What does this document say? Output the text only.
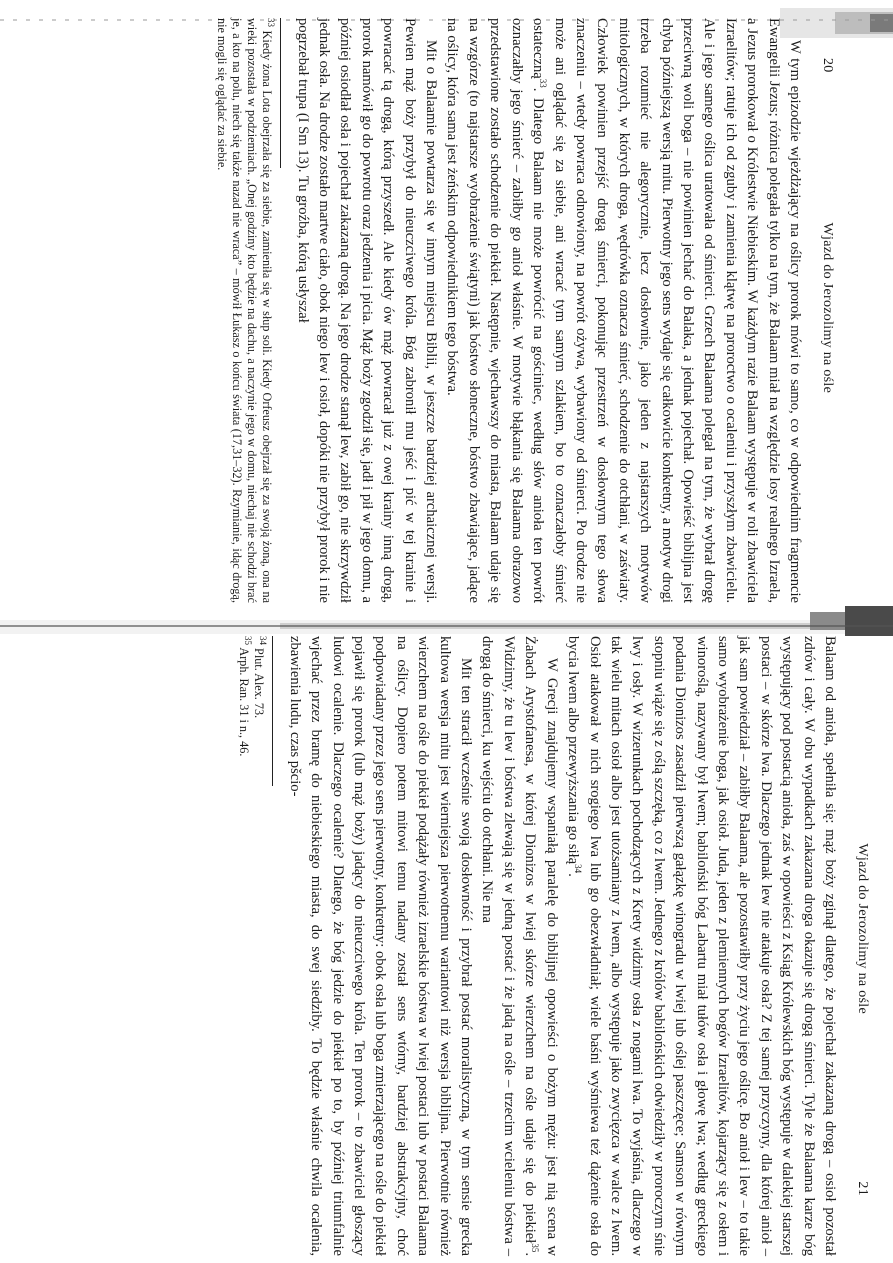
20
Wjazd do Jerozolimy na ośle

W tym epizodzie wjeżdżający na oślicy prorok mówi to samo, co w odpowiednim fragmencie Ewangelii Jezus; różnica polegała tylko na tym, że Balaam miał na względzie losy realnego Izraela, a Jezus prorokował o Królestwie Niebieskim. W każdym razie Balaam występuje w roli zbawiciela Izraelitów; ratuje ich od zguby i zamienia klątwę na proroctwo o ocaleniu i przyszłym zbawicielu. Ale i jego samego oślica uratowała od śmierci. Grzech Balaama polegał na tym, że wybrał drogę przeciwną woli boga – nie powinien jechać do Balaka, a jednak pojechał. Opowieść biblijna jest chyba późniejszą wersją mitu. Pierwotny jego sens wydaje się całkowicie konkretny, a motyw drogi trzeba rozumieć nie alegorycznie, lecz dosłownie, jako jeden z najstarszych motywów mitologicznych, w których droga, wędrówka oznacza śmierć, schodzenie do otchłani, w zaświaty. Człowiek powinien przejść drogą śmierci, pokonując przestrzeń w dosłownym tego słowa znaczeniu – wtedy powraca odnowiony, na powrót ożywa, wybawiony od śmierci. Po drodze nie może ani oglądać się za siebie, ani wracać tym samym szlakiem, bo to oznaczałoby śmierć ostateczną$^{33}$. Dlatego Balaam nie może powrócić na gościniec, według słów anioła ten powrót oznaczałby jego śmierć – zabiłby go anioł właśnie. W motywie błąkania się Balaama obrazowo przedstawione zostało schodzenie do piekieł. Następnie, wjechawszy do miasta, Balaam udaje się na wzgórze (to najstarsze wyobrażenie świątyni) jak bóstwo słoneczne, bóstwo zbawiające, jadące na oślicy, która sama jest żeńskim odpowiednikiem tego bóstwa.

Mit o Balaamie powtarza się w innym miejscu Biblii, w jeszcze bardziej archaicznej wersji. Pewien mąż boży przybył do nieuczciwego króla. Bóg zabronił mu jeść i pić w tej krainie i powracać tą drogą, którą przyszedł. Ale kiedy ów mąż powracał już z owej krainy inną drogą, prorok namówił go do powrotu oraz jedzenia i picia. Mąż boży zgodził się, jadł i pił w jego domu, a później osiodłał osła i pojechał zakazaną drogą. Na jego drodze stanął lew, zabił go, nie skrzywdził jednak osła. Na drodze zostało martwe ciało, obok niego lew i osioł, dopóki nie przybył prorok i nie pogrzebał trupa (I Sm 13). Tu groźba, którą usłyszał

$^{33}$ Kiedy żona Lota obejrzała się za siebie, zamieniła się w słup soli. Kiedy Orfeusz obejrzał się za swoją żoną, ona na wieki pozostała w podziemiach. „Onej godziny kto będzie na dachu, a naczynie jego w domu, niechaj nie schodzi brać je, a kto na polu, niech się także nazad nie wraca” – mówił Łukasz o końcu świata (17,31–32). Rzymianie, idąc drogą, nie mogli się oglądać za siebie.

Wjazd do Jerozolimy na ośle
21

Balaam od anioła, spełniła się: mąż boży zginął dlatego, że pojechał zakazaną drogą – osioł pozostał zdrów i cały. W obu wypadkach zakazana droga okazuje się drogą śmierci. Tyle że Balaama karze bóg występujący pod postacią anioła, zaś w opowieści z Ksiąg Królewskich bóg występuje w dalekiej starszej postaci – w skórze lwa. Dlaczego jednak lew nie atakuje osła? Z tej samej przyczyny, dla której anioł – jak sam powiedział – zabiłby Balaama, ale pozostawiłby przy życiu jego oślicę. Bo anioł i lew – to takie samo wyobrażenie boga, jak osioł. Juda, jeden z plemiennych bogów Izraelitów, kojarzący się z osłem i winoroślą, nazywany był lwem; babiloński bóg Labartu miał tułów osła i głowę lwa; według greckiego podania Dionizos zasadził pierwszą gałązkę winogradu w lwiej lub oślej paszczęce; Samson w równym stopniu wiąże się z oślą szczęką, co z lwem. Jednego z królów babilońskich odwiedziły w proroczym śnie lwy i osły. W wizerunkach pochodzących z Krety widzimy osła z nogami lwa. To wyjaśnia, dlaczego w tak wielu mitach osioł albo jest utożsamiany z lwem, albo występuje jako zwycięzca w walce z lwem. Osioł atakował w nich srogiego lwa lub go obezwładniał; wiele baśni wyśmiewa też dążenie osła do bycia lwem albo przewyższania go siłą$^{34}$.

W Grecji znajdujemy wspaniałą paralelę do biblijnej opowieści o bożym mężu: jest nią scena w Żabach Arystofanesa, w której Dionizos w lwiej skórze wierzchem na ośle udaje się do piekieł$^{35}$. Widzimy, że tu lew i bóstwa zlewają się w jedną postać i że jadą na ośle – trzecim wcieleniu bóstwa – drogą do śmierci, ku wejściu do otchłani. Nie ma

Mit ten stracił wcześnie swoją dosłowność i przybrał postać moralistyczną, w tym sensie grecka kultowa wersja mitu jest wierniejsza pierwotnemu wariantowi niż wersja biblijna. Pierwotnie również wierzchem na ośle do piekieł podążały również izraelskie bóstwa w lwiej postaci lub w postaci Balaama na oślicy. Dopiero potem mitowi temu nadany został sens wtórny, bardziej abstrakcyjny, choć podpowiadany przez jego sens pierwotny, konkretny: obok osła lub boga zmierzającego na ośle do piekieł pojawił się prorok (lub mąż boży) jadący do nieuczciwego króla. Ten prorok – to zbawiciel głoszący ludowi ocalenie. Dlaczego ocalenie? Dlatego, że bóg jedzie do piekieł po to, by później triumfalnie wjechać przez bramę do niebieskiego miasta, do swej siedziby. To będzie właśnie chwila ocalenia, zbawienia ludu, czas pšcio-

$^{34}$ Plut. Alex. 73.

$^{35}$ Arph. Ran. 31 i n., 46.
